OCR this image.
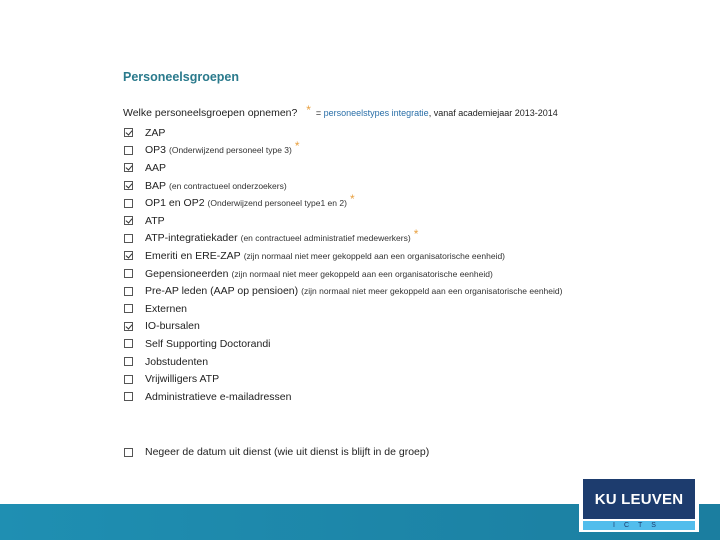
Personeelsgroepen
Welke personeelsgroepen opnemen? * = personeelstypes integratie, vanaf academiejaar 2013-2014
ZAP
OP3 (Onderwijzend personeel type 3) *
AAP
BAP (en contractueel onderzoekers)
OP1 en OP2 (Onderwijzend personeel type1 en 2) *
ATP
ATP-integratiekader (en contractueel administratief medewerkers) *
Emeriti en ERE-ZAP (zijn normaal niet meer gekoppeld aan een organisatorische eenheid)
Gepensioneerden (zijn normaal niet meer gekoppeld aan een organisatorische eenheid)
Pre-AP leden (AAP op pensioen) (zijn normaal niet meer gekoppeld aan een organisatorische eenheid)
Externen
IO-bursalen
Self Supporting Doctorandi
Jobstudenten
Vrijwilligers ATP
Administratieve e-mailadressen
Negeer de datum uit dienst (wie uit dienst is blijft in de groep)
KU LEUVEN
ICTS
